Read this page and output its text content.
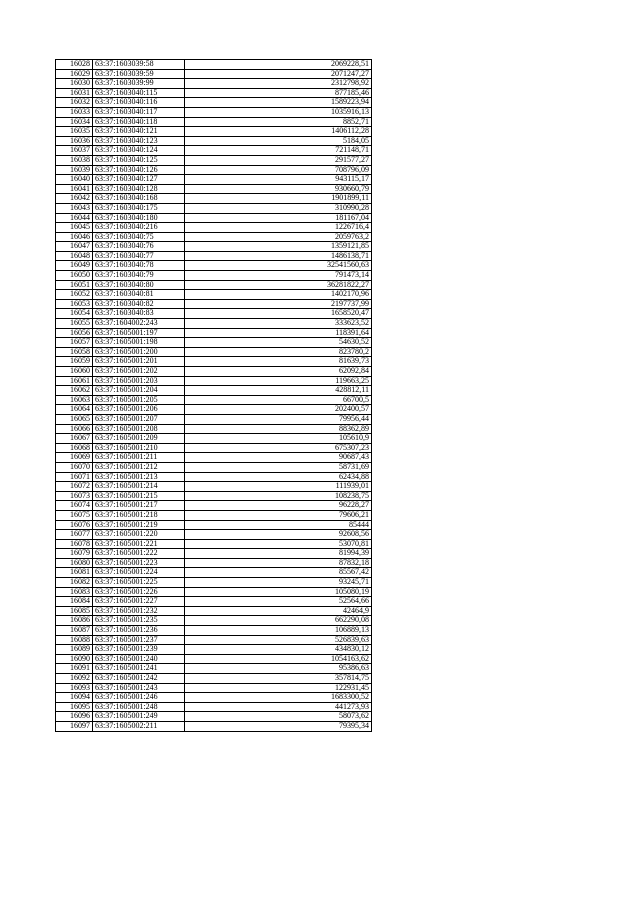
16028	63:37:1603039:58	2069228,51
16029	63:37:1603039:59	2071247,27
16030	63:37:1603039:99	2312798,92
16031	63:37:1603040:115	877185,46
16032	63:37:1603040:116	1589223,94
16033	63:37:1603040:117	1035916,13
16034	63:37:1603040:118	8852,71
16035	63:37:1603040:121	1406112,28
16036	63:37:1603040:123	5184,05
16037	63:37:1603040:124	721148,71
16038	63:37:1603040:125	291577,27
16039	63:37:1603040:126	708796,09
16040	63:37:1603040:127	943115,17
16041	63:37:1603040:128	930660,79
16042	63:37:1603040:168	1901899,11
16043	63:37:1603040:175	310990,28
16044	63:37:1603040:180	181167,04
16045	63:37:1603040:216	1226716,4
16046	63:37:1603040:75	2059763,2
16047	63:37:1603040:76	1359121,85
16048	63:37:1603040:77	1486138,71
16049	63:37:1603040:78	32541560,63
16050	63:37:1603040:79	791473,14
16051	63:37:1603040:80	36281822,27
16052	63:37:1603040:81	1402170,96
16053	63:37:1603040:82	2197737,99
16054	63:37:1603040:83	1658520,47
16055	63:37:1604002:243	333623,52
16056	63:37:1605001:197	118391,64
16057	63:37:1605001:198	54630,52
16058	63:37:1605001:200	823780,2
16059	63:37:1605001:201	81639,73
16060	63:37:1605001:202	62092,84
16061	63:37:1605001:203	119663,25
16062	63:37:1605001:204	428812,11
16063	63:37:1605001:205	66700,5
16064	63:37:1605001:206	202400,57
16065	63:37:1605001:207	79956,44
16066	63:37:1605001:208	88362,89
16067	63:37:1605001:209	105610,9
16068	63:37:1605001:210	675307,23
16069	63:37:1605001:211	90687,43
16070	63:37:1605001:212	58731,69
16071	63:37:1605001:213	62434,88
16072	63:37:1605001:214	111939,01
16073	63:37:1605001:215	108238,75
16074	63:37:1605001:217	96228,27
16075	63:37:1605001:218	79606,21
16076	63:37:1605001:219	85444
16077	63:37:1605001:220	92608,56
16078	63:37:1605001:221	53070,81
16079	63:37:1605001:222	81994,39
16080	63:37:1605001:223	87832,18
16081	63:37:1605001:224	85567,42
16082	63:37:1605001:225	93245,71
16083	63:37:1605001:226	105080,19
16084	63:37:1605001:227	52564,66
16085	63:37:1605001:232	42464,9
16086	63:37:1605001:235	662290,08
16087	63:37:1605001:236	106889,13
16088	63:37:1605001:237	526839,63
16089	63:37:1605001:239	434830,12
16090	63:37:1605001:240	1054163,62
16091	63:37:1605001:241	95386,63
16092	63:37:1605001:242	357814,75
16093	63:37:1605001:243	122931,45
16094	63:37:1605001:246	1683300,52
16095	63:37:1605001:248	441273,93
16096	63:37:1605001:249	58073,62
16097	63:37:1605002:211	79395,34
